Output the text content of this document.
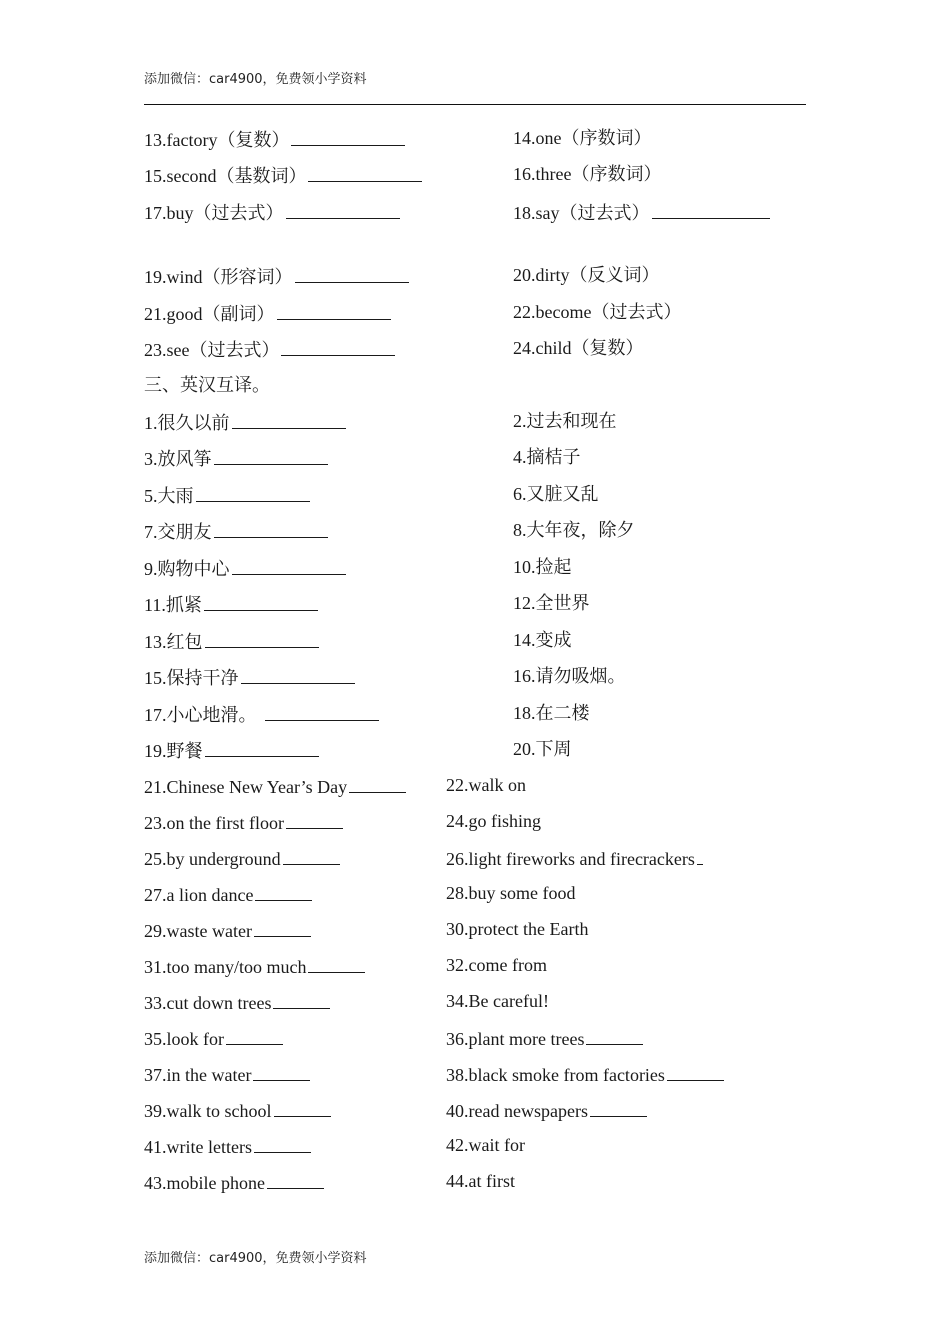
添加微信：car4900，免费领小学资料
13.factory（复数）	14.one（序数词）
15.second（基数词）	16.three（序数词）
17.buy（过去式）	18.say（过去式）
19.wind（形容词）	20.dirty（反义词）
21.good（副词）	22.become（过去式）
23.see（过去式）	24.child（复数）
三、英汉互译。
1.很久以前	2.过去和现在
3.放风筝	4.摘桔子
5.大雨	6.又脏又乱
7.交朋友	8.大年夜，除夕
9.购物中心	10.捡起
11.抓紧	12.全世界
13.红包	14.变成
15.保持干净	16.请勿吸烟。
17.小心地滑。	18.在二楼
19.野餐	20.下周
21.Chinese New Year’s Day	22.walk on
23.on the first floor	24.go fishing
25.by underground	26.light fireworks and firecrackers
27.a lion dance	28.buy some food
29.waste water	30.protect the Earth
31.too many/too much	32.come from
33.cut down trees	34.Be careful!
35.look for	36.plant more trees
37.in the water	38.black smoke from factories
39.walk to school	40.read newspapers
41.write letters	42.wait for
43.mobile phone	44.at first
添加微信：car4900，免费领小学资料
